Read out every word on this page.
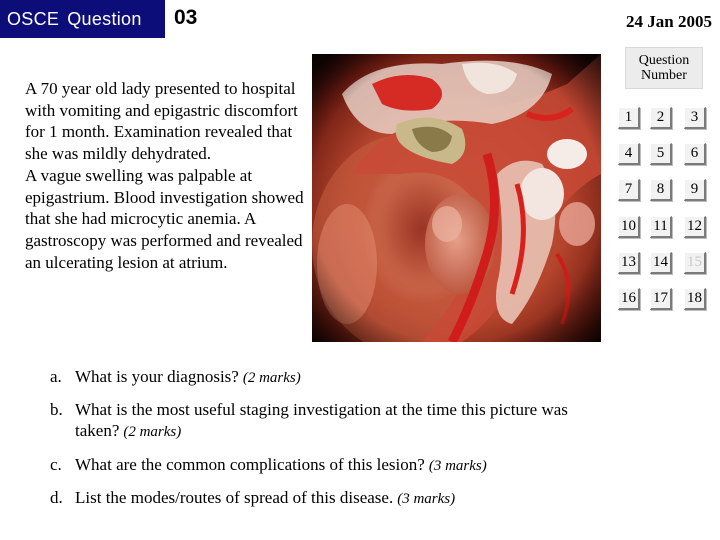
OSCE Question 03	24 Jan 2005

A 70 year old lady presented to hospital with vomiting and epigastric discomfort for 1 month. Examination revealed that she was mildly dehydrated.

A vague swelling was palpable at epigastrium. Blood investigation showed that she had microcytic anemia. A gastroscopy was performed and revealed an ulcerating lesion at atrium.

Question
Number
1	2	3
4	5	6
7	8	9
10 11 12
13 14 15
16 17 18
a. What is your diagnosis? (2 marks)
b. What is the most useful staging investigation at the time this picture was taken? (2 marks)
c. What are the common complications of this lesion? (3 marks)
d. List the modes/routes of spread of this disease. (3 marks)
